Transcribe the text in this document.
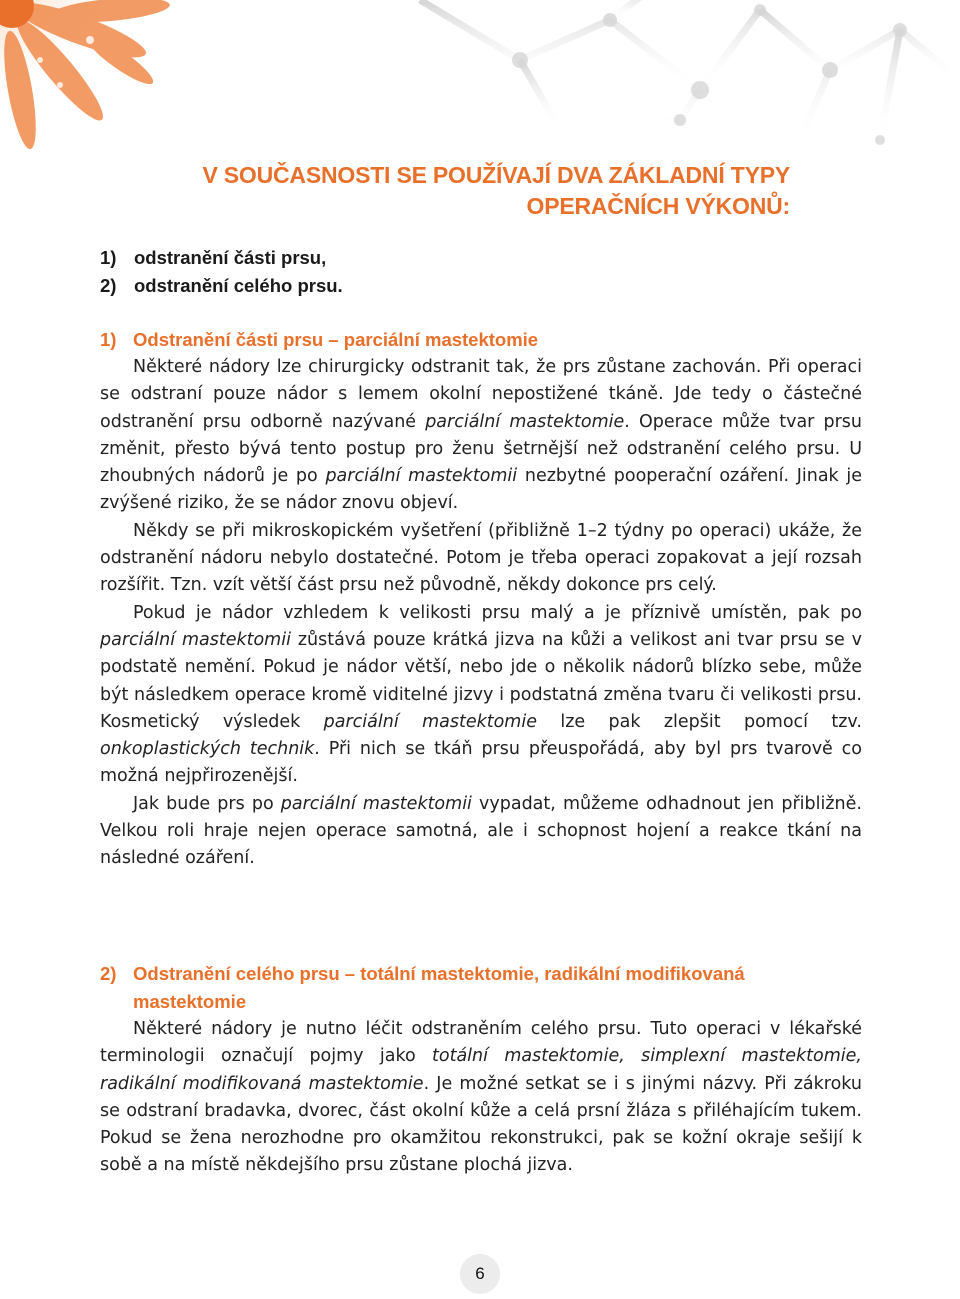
V SOUČASNOSTI SE POUŽÍVAJÍ DVA ZÁKLADNÍ TYPY
OPERAČNÍCH VÝKONŮ:
1) odstranění části prsu,
2) odstranění celého prsu.
1) Odstranění části prsu – parciální mastektomie

Některé nádory lze chirurgicky odstranit tak, že prs zůstane zachován. Při operaci se odstraní pouze nádor s lemem okolní nepostižené tkáně. Jde tedy o částečné odstranění prsu odborně nazývané parciální mastektomie. Operace může tvar prsu změnit, přesto bývá tento postup pro ženu šetrnější než odstranění celého prsu. U zhoubných nádorů je po parciální mastektomii nezbytné pooperační ozáření. Jinak je zvýšené riziko, že se nádor znovu objeví.

Někdy se při mikroskopickém vyšetření (přibližně 1–2 týdny po operaci) ukáže, že odstranění nádoru nebylo dostatečné. Potom je třeba operaci zopakovat a její rozsah rozšířit. Tzn. vzít větší část prsu než původně, někdy dokonce prs celý.

Pokud je nádor vzhledem k velikosti prsu malý a je příznivě umístěn, pak po parciální mastektomii zůstává pouze krátká jizva na kůži a velikost ani tvar prsu se v podstatě nemění. Pokud je nádor větší, nebo jde o několik nádorů blízko sebe, může být následkem operace kromě viditelné jizvy i podstatná změna tvaru či velikosti prsu. Kosmetický výsledek parciální mastektomie lze pak zlepšit pomocí tzv. onkoplastických technik. Při nich se tkáň prsu přeuspořádá, aby byl prs tvarově co možná nejpřirozenější.

Jak bude prs po parciální mastektomii vypadat, můžeme odhadnout jen přibližně. Velkou roli hraje nejen operace samotná, ale i schopnost hojení a reakce tkání na následné ozáření.

2) Odstranění celého prsu – totální mastektomie, radikální modifikovaná mastektomie

Některé nádory je nutno léčit odstraněním celého prsu. Tuto operaci v lékařské terminologii označují pojmy jako totální mastektomie, simplexní mastektomie, radikální modifikovaná mastektomie. Je možné setkat se i s jinými názvy. Při zákroku se odstraní bradavka, dvorec, část okolní kůže a celá prsní žláza s přiléhajícím tukem. Pokud se žena nerozhodne pro okamžitou rekonstrukci, pak se kožní okraje sešijí k sobě a na místě někdejšího prsu zůstane plochá jizva.

6
